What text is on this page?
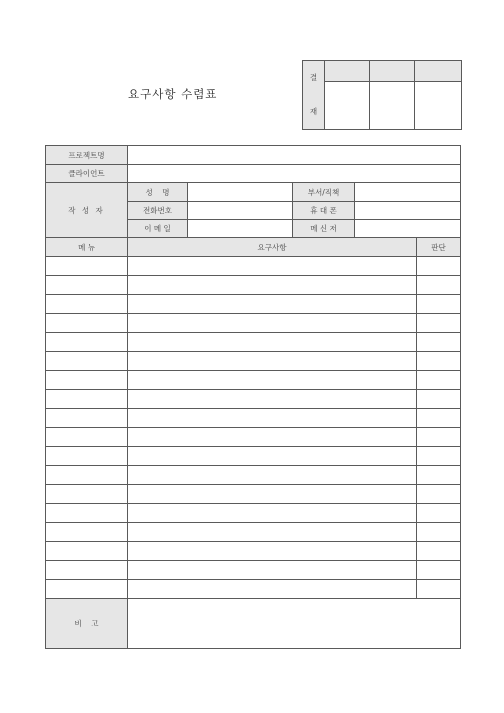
요구사항 수렴표
결
재			

프로젝트명					
클라이언트					
작 성 자	성    명		부서/직책		
	전화번호		휴 대 폰		
	이 메 일		메 신 저		
메 뉴	요구사항				판단

비    고					
